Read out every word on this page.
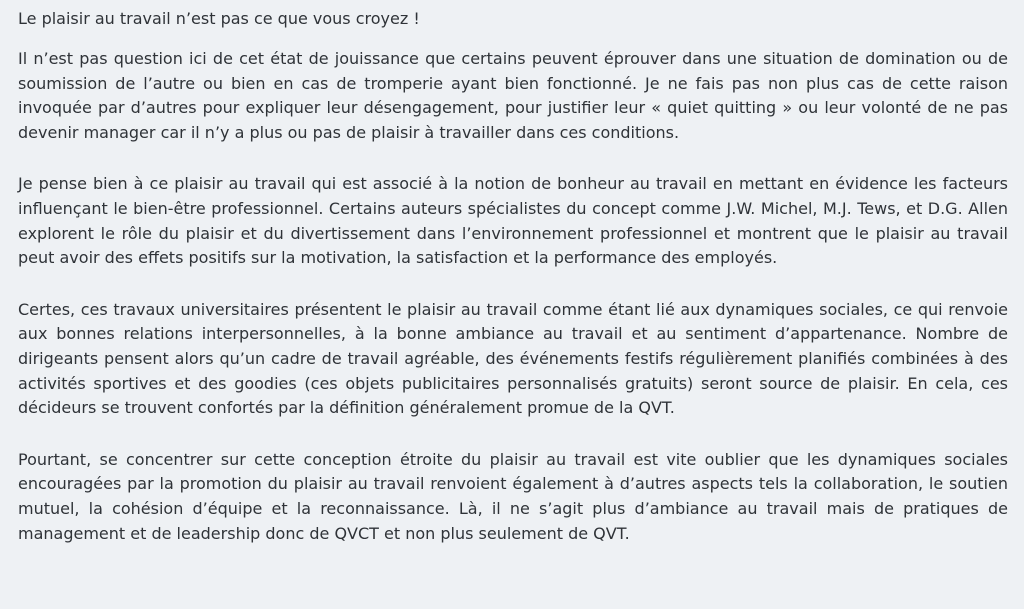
Le plaisir au travail n’est pas ce que vous croyez !

Il n’est pas question ici de cet état de jouissance que certains peuvent éprouver dans une situation de domination ou de soumission de l’autre ou bien en cas de tromperie ayant bien fonctionné. Je ne fais pas non plus cas de cette raison invoquée par d’autres pour expliquer leur désengagement, pour justifier leur « quiet quitting » ou leur volonté de ne pas devenir manager car il n’y a plus ou pas de plaisir à travailler dans ces conditions.

Je pense bien à ce plaisir au travail qui est associé à la notion de bonheur au travail en mettant en évidence les facteurs influençant le bien-être professionnel. Certains auteurs spécialistes du concept comme J.W. Michel, M.J. Tews, et D.G. Allen explorent le rôle du plaisir et du divertissement dans l’environnement professionnel et montrent que le plaisir au travail peut avoir des effets positifs sur la motivation, la satisfaction et la performance des employés.

Certes, ces travaux universitaires présentent le plaisir au travail comme étant lié aux dynamiques sociales, ce qui renvoie aux bonnes relations interpersonnelles, à la bonne ambiance au travail et au sentiment d’appartenance. Nombre de dirigeants pensent alors qu’un cadre de travail agréable, des événements festifs régulièrement planifiés combinées à des activités sportives et des goodies (ces objets publicitaires personnalisés gratuits) seront source de plaisir. En cela, ces décideurs se trouvent confortés par la définition généralement promue de la QVT.

Pourtant, se concentrer sur cette conception étroite du plaisir au travail est vite oublier que les dynamiques sociales encouragées par la promotion du plaisir au travail renvoient également à d’autres aspects tels la collaboration, le soutien mutuel, la cohésion d’équipe et la reconnaissance. Là, il ne s’agit plus d’ambiance au travail mais de pratiques de management et de leadership donc de QVCT et non plus seulement de QVT.
